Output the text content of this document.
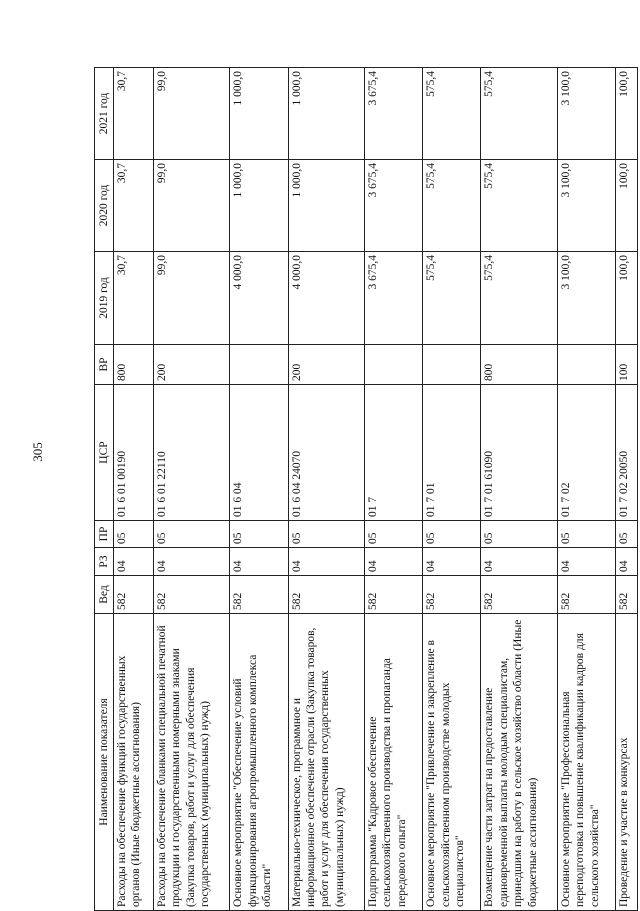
305
Наименование показателя	Вед	РЗ	ПР	ЦСР	ВР	2019 год	2020 год	2021 год
Расходы на обеспечение функций государственных органов (Иные бюджетные ассигнования)	582	04	05	01 6 01 00190	800	30,7	30,7	30,7
Расходы на обеспечение бланками специальной печатной продукции и государственными номерными знаками (Закупка товаров, работ и услуг для обеспечения государственных (муниципальных) нужд)	582	04	05	01 6 01 22110	200	99,0	99,0	99,0
Основное мероприятие "Обеспечение условий функционирования агропромышленного комплекса области"	582	04	05	01 6 04		4 000,0	1 000,0	1 000,0
Материально-техническое, программное и информационное обеспечение отрасли (Закупка товаров, работ и услуг для обеспечения государственных (муниципальных) нужд)	582	04	05	01 6 04 24070	200	4 000,0	1 000,0	1 000,0
Подпрограмма "Кадровое обеспечение сельскохозяйственного производства и пропаганда передового опыта"	582	04	05	01 7		3 675,4	3 675,4	3 675,4
Основное мероприятие "Привлечение и закрепление в сельскохозяйственном производстве молодых специалистов"	582	04	05	01 7 01		575,4	575,4	575,4
Возмещение части затрат на предоставление единовременной выплаты молодым специалистам, принедшим на работу в сельское хозяйство области (Иные бюджетные ассигнования)	582	04	05	01 7 01 61090	800	575,4	575,4	575,4
Основное мероприятие "Профессиональная переподготовка и повышение квалификации кадров для сельского хозяйства"	582	04	05	01 7 02		3 100,0	3 100,0	3 100,0
Проведение и участие в конкурсах	582	04	05	01 7 02 20050	100	100,0	100,0	100,0
